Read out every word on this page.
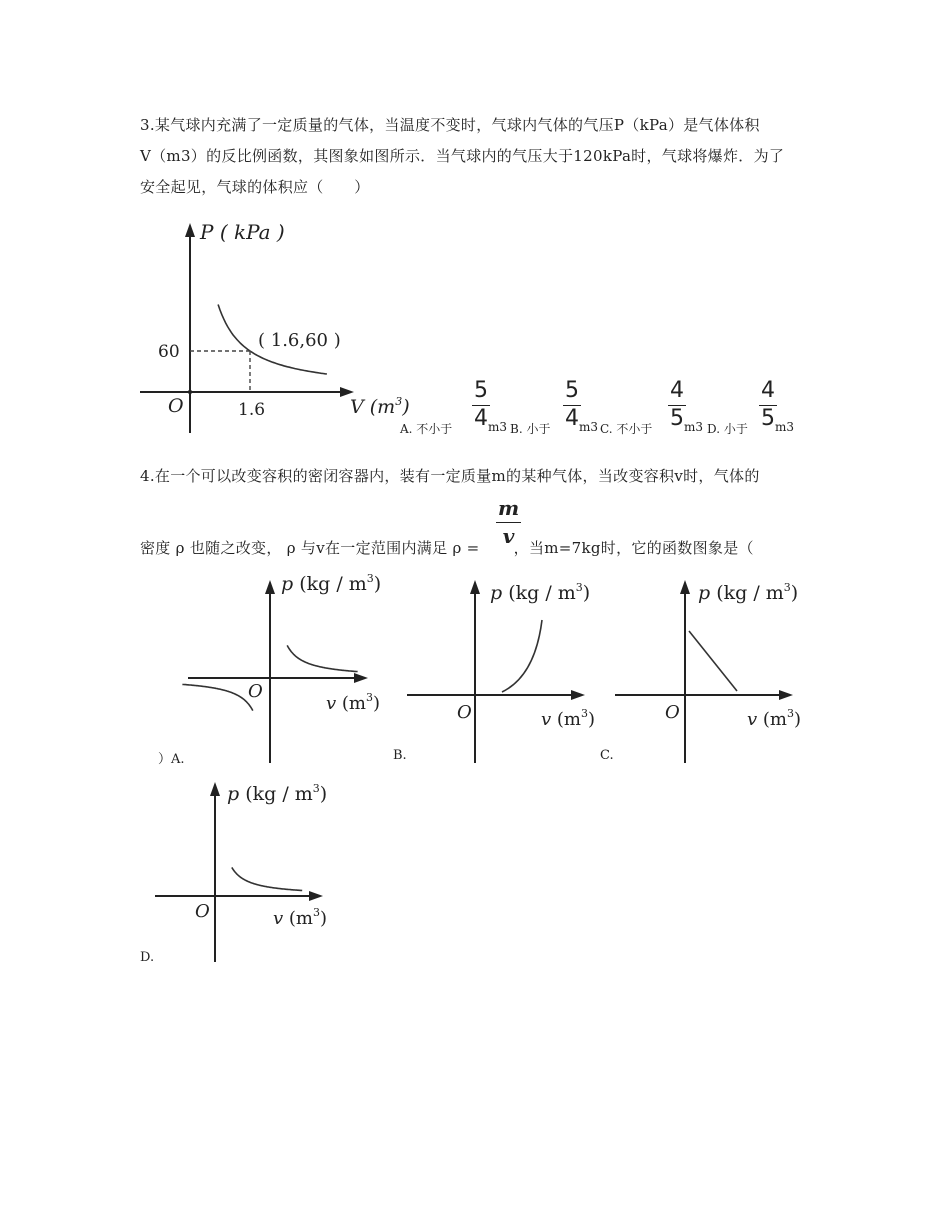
3.某气球内充满了一定质量的气体，当温度不变时，气球内气体的气压P（kPa）是气体体积
V（m3）的反比例函数，其图象如图所示．当气球内的气压大于120kPa时，气球将爆炸．为了
安全起见，气球的体积应（　　）
P ( kPa )
V $(m^3)$
O
60
1.6
( 1.6,60 )
A. 不小于 $\frac{5}{4}$
m3 B. 小于 $\frac{5}{4}$
m3 C. 不小于 $\frac{4}{5}$
m3 D. 小于 $\frac{4}{5}$
m3
4.在一个可以改变容积的密闭容器内，装有一定质量m的某种气体，当改变容积v时，气体的
密度 ρ 也随之改变， ρ 与v在一定范围内满足 ρ = ，当m=7kg时，它的函数图象是（
$\frac{m}{v}$
p $(kg / m^3)$
O
v $(m^3)$
）A.
p $(kg / m^3)$
O	v $(m^3)$
B.
p $(kg / m^3)$
O	v $(m^3)$
C.
p $(kg / m^3)$
O	v $(m^3)$
D.
